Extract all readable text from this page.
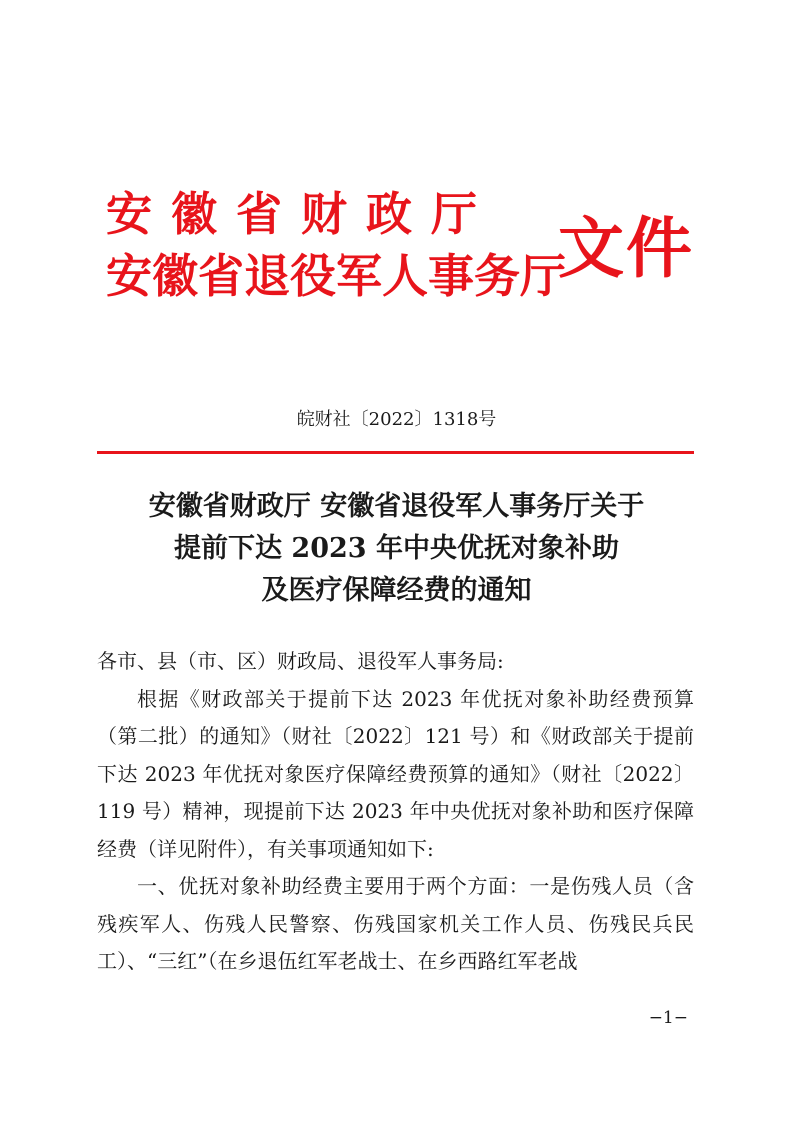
安徽省财政厅
安徽省退役军人事务厅
文件
皖财社〔2022〕1318号
安徽省财政厅 安徽省退役军人事务厅关于
提前下达 2023 年中央优抚对象补助
及医疗保障经费的通知

各市、县（市、区）财政局、退役军人事务局:

根据《财政部关于提前下达 2023 年优抚对象补助经费预算（第二批）的通知》（财社〔2022〕121 号）和《财政部关于提前下达 2023 年优抚对象医疗保障经费预算的通知》（财社〔2022〕119 号）精神，现提前下达 2023 年中央优抚对象补助和医疗保障经费（详见附件），有关事项通知如下:

一、优抚对象补助经费主要用于两个方面：一是伤残人员（含残疾军人、伤残人民警察、伤残国家机关工作人员、伤残民兵民工）、“三红”（在乡退伍红军老战士、在乡西路红军老战

−1−
